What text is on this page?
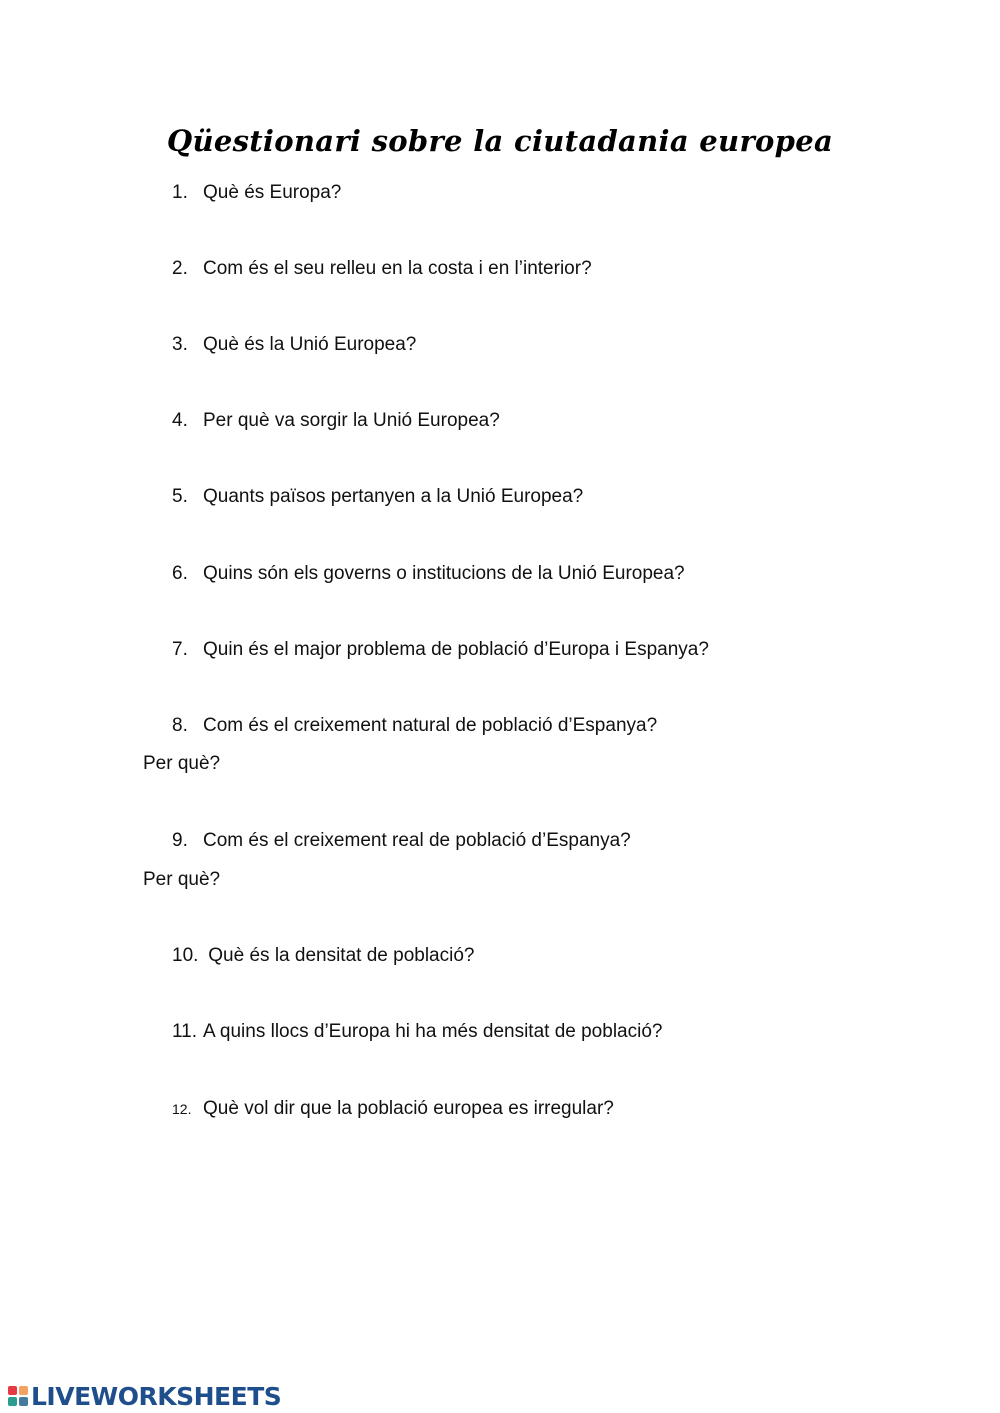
Qüestionari sobre la ciutadania europea
1. Què és Europa?
2. Com és el seu relleu en la costa i en l’interior?
3. Què és la Unió Europea?
4. Per què va sorgir la Unió Europea?
5. Quants països pertanyen a la Unió Europea?
6. Quins són els governs o institucions de la Unió Europea?
7. Quin és el major problema de població d’Europa i Espanya?
8. Com és el creixement natural de població d’Espanya?
Per què?
9. Com és el creixement real de població d’Espanya?
Per què?
10. Què és la densitat de població?
11. A quins llocs d’Europa hi ha més densitat de població?
12. Què vol dir que la població europea es irregular?
LIVEWORKSHEETS
